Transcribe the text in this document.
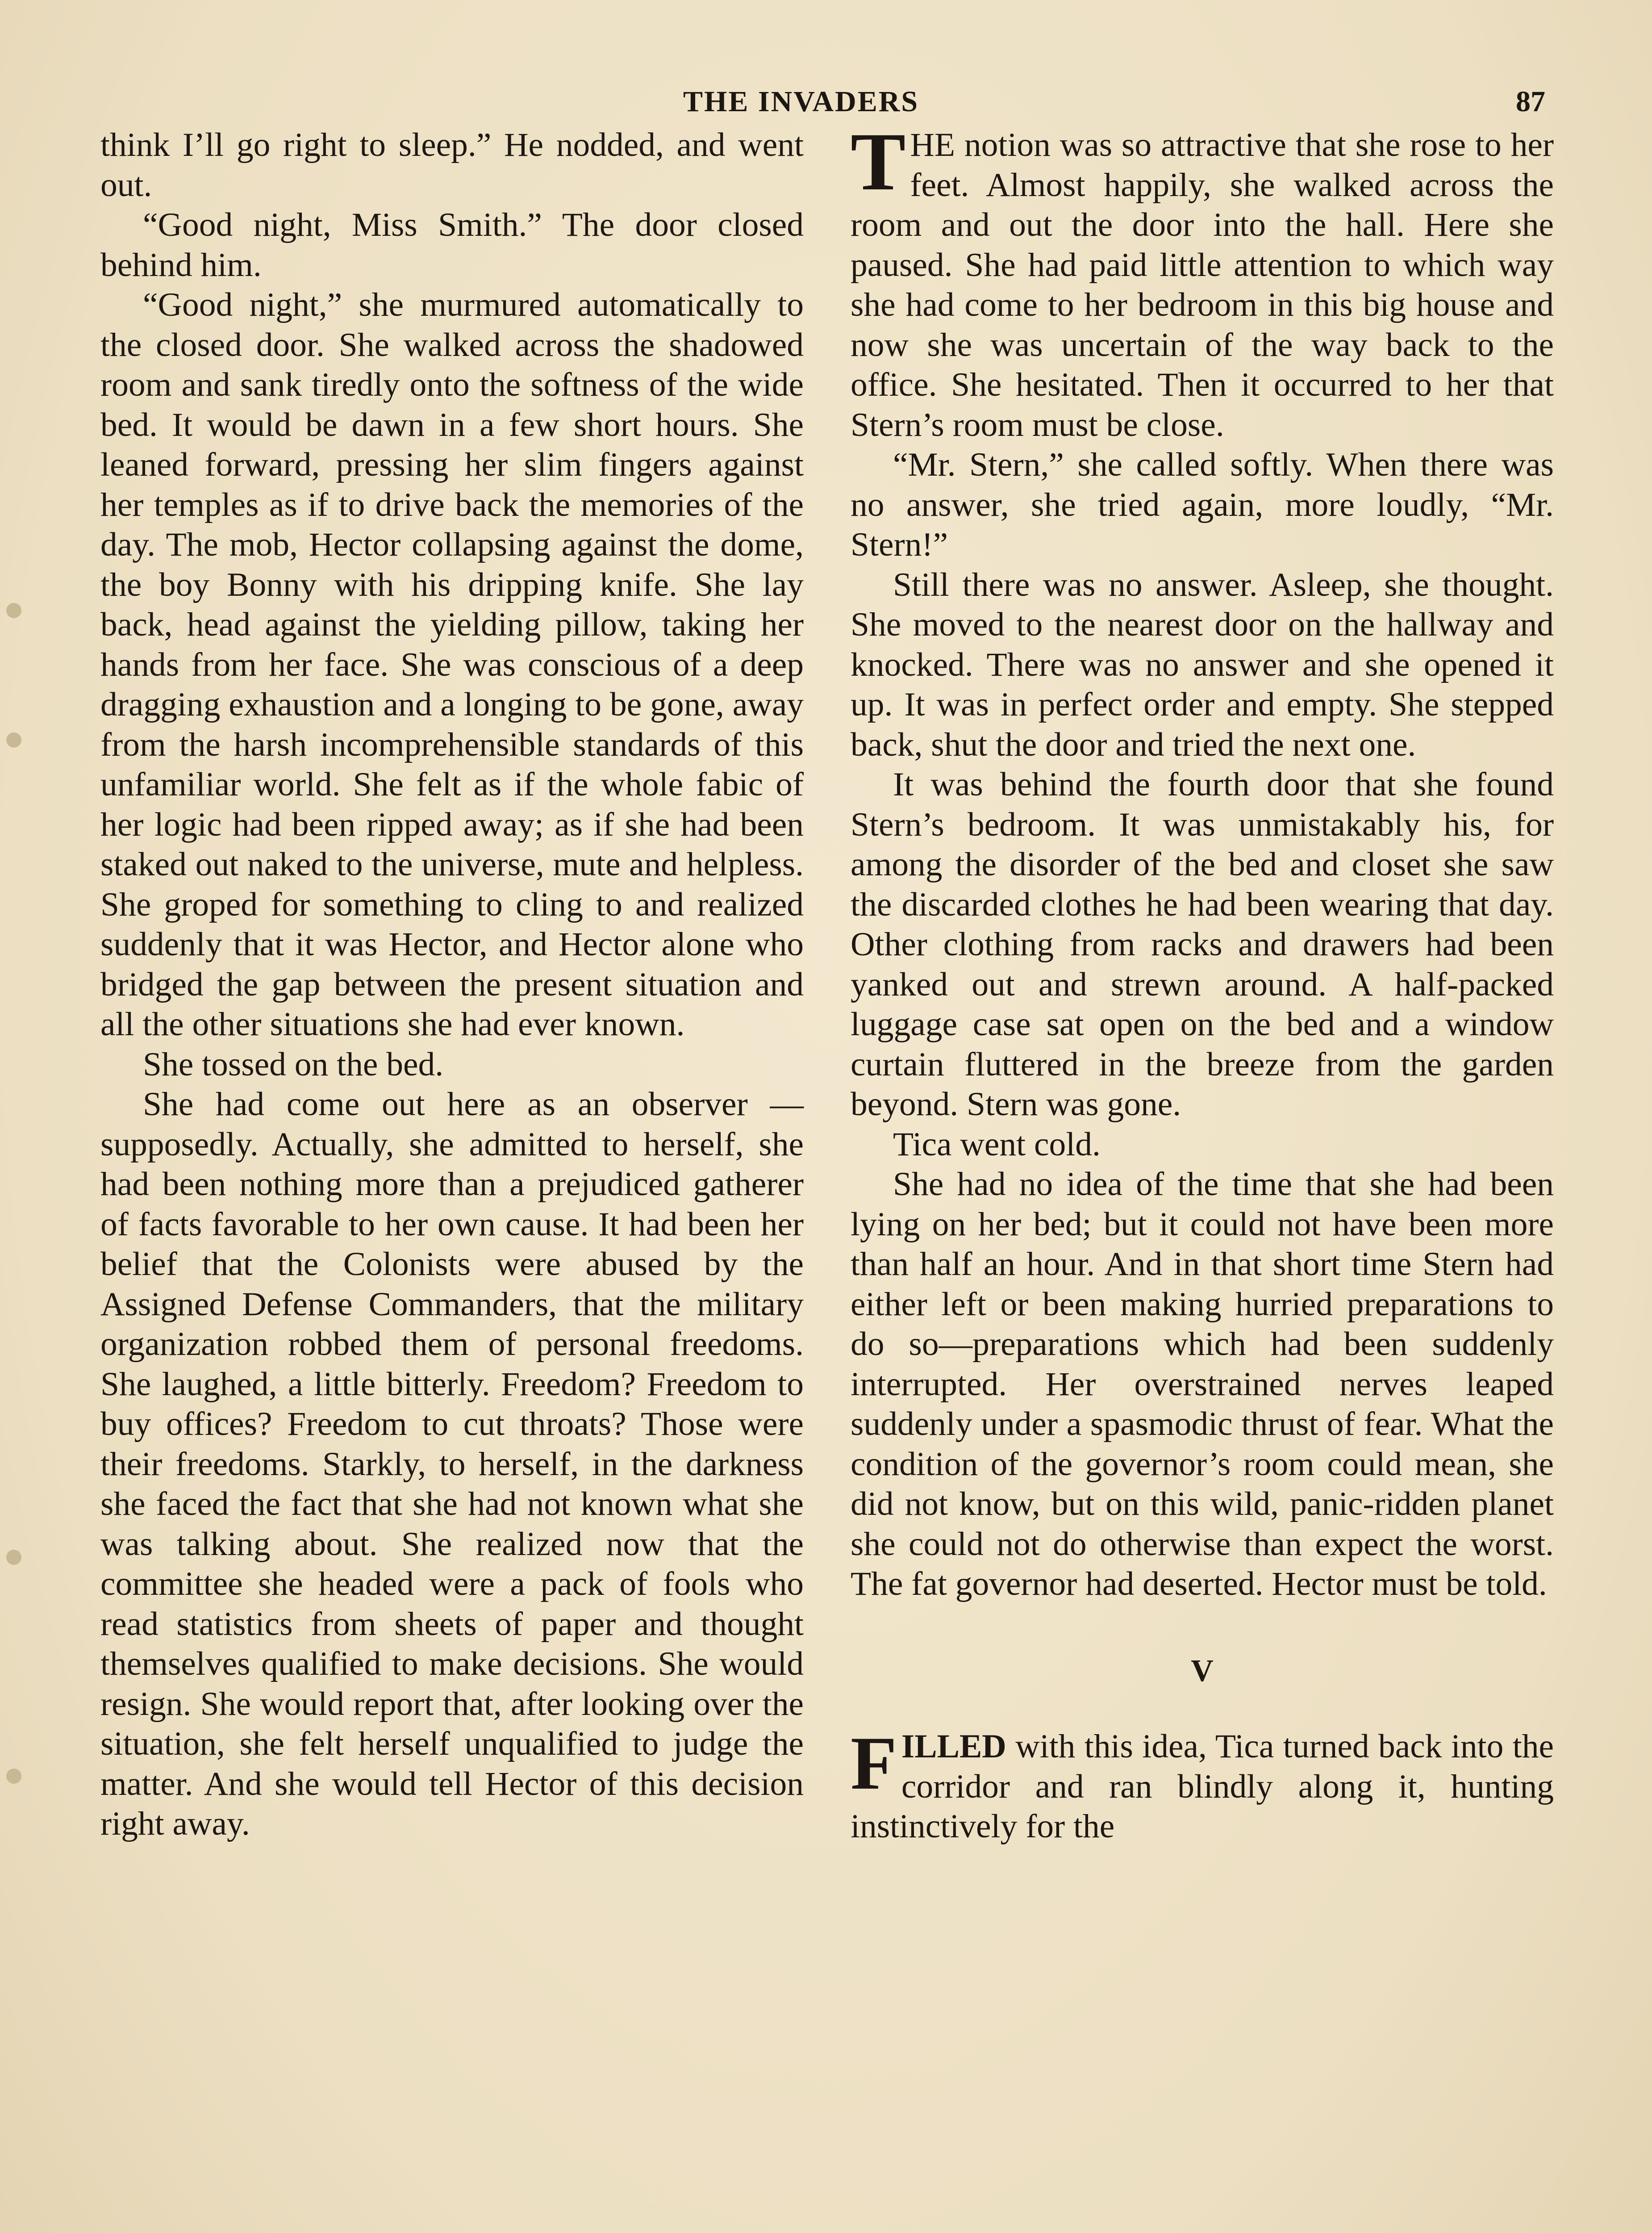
THE INVADERS	87

think I’ll go right to sleep.” He nodded, and went out.

“Good night, Miss Smith.” The door closed behind him.

“Good night,” she murmured automatically to the closed door. She walked across the shadowed room and sank tiredly onto the softness of the wide bed. It would be dawn in a few short hours. She leaned forward, pressing her slim fingers against her temples as if to drive back the memories of the day. The mob, Hector collapsing against the dome, the boy Bonny with his dripping knife. She lay back, head against the yielding pillow, taking her hands from her face. She was conscious of a deep dragging exhaustion and a longing to be gone, away from the harsh incomprehensible standards of this unfamiliar world. She felt as if the whole fabic of her logic had been ripped away; as if she had been staked out naked to the universe, mute and helpless. She groped for something to cling to and realized suddenly that it was Hector, and Hector alone who bridged the gap between the present situation and all the other situations she had ever known.

She tossed on the bed.

She had come out here as an observer —supposedly. Actually, she admitted to herself, she had been nothing more than a prejudiced gatherer of facts favorable to her own cause. It had been her belief that the Colonists were abused by the Assigned Defense Commanders, that the military organization robbed them of personal freedoms. She laughed, a little bitterly. Freedom? Freedom to buy offices? Freedom to cut throats? Those were their freedoms. Starkly, to herself, in the darkness she faced the fact that she had not known what she was talking about. She realized now that the committee she headed were a pack of fools who read statistics from sheets of paper and thought themselves qualified to make decisions. She would resign. She would report that, after looking over the situation, she felt herself unqualified to judge the matter. And she would tell Hector of this decision right away.

THE notion was so attractive that she rose to her feet. Almost happily, she walked across the room and out the door into the hall. Here she paused. She had paid little attention to which way she had come to her bedroom in this big house and now she was uncertain of the way back to the office. She hesitated. Then it occurred to her that Stern’s room must be close.

“Mr. Stern,” she called softly. When there was no answer, she tried again, more loudly, “Mr. Stern!”

Still there was no answer. Asleep, she thought. She moved to the nearest door on the hallway and knocked. There was no answer and she opened it up. It was in perfect order and empty. She stepped back, shut the door and tried the next one.

It was behind the fourth door that she found Stern’s bedroom. It was unmistakably his, for among the disorder of the bed and closet she saw the discarded clothes he had been wearing that day. Other clothing from racks and drawers had been yanked out and strewn around. A half-packed luggage case sat open on the bed and a window curtain fluttered in the breeze from the garden beyond. Stern was gone.

Tica went cold.

She had no idea of the time that she had been lying on her bed; but it could not have been more than half an hour. And in that short time Stern had either left or been making hurried preparations to do so—preparations which had been suddenly interrupted. Her overstrained nerves leaped suddenly under a spasmodic thrust of fear. What the condition of the governor’s room could mean, she did not know, but on this wild, panic-ridden planet she could not do otherwise than expect the worst. The fat governor had deserted. Hector must be told.

V

FILLED with this idea, Tica turned back into the corridor and ran blindly along it, hunting instinctively for the
